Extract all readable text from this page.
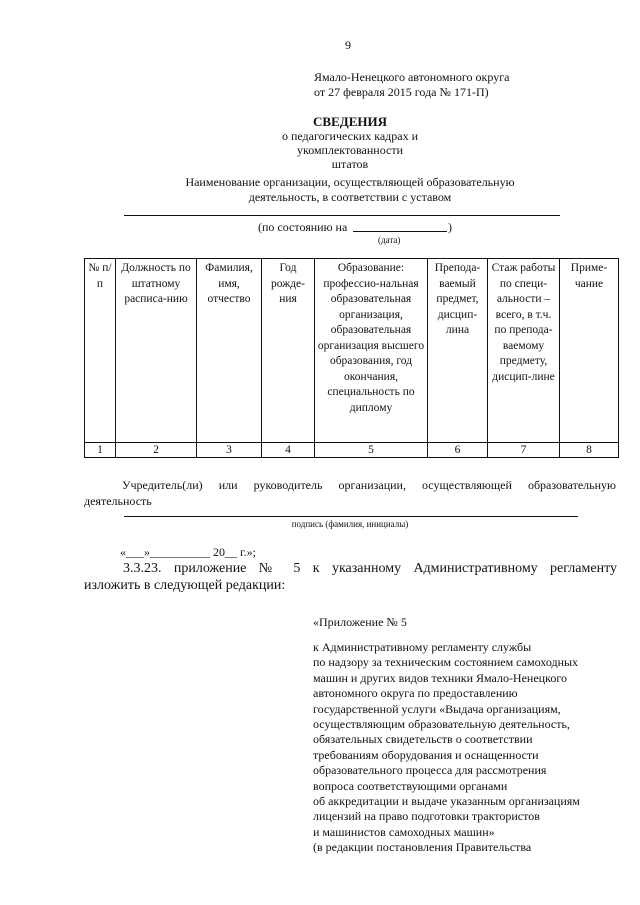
9
Ямало-Ненецкого автономного округа
от 27 февраля 2015 года № 171-П)
СВЕДЕНИЯ
о педагогических кадрах и укомплектованности
штатов
Наименование организации, осуществляющей образовательную
деятельность, в соответствии с уставом
(по состоянию на	)
(дата)
№ п/п	Должность по штатному расписа-нию	Фамилия, имя, отчество	Год рожде-ния	Образование: профессио-нальная образовательная организация, образовательная организация высшего образования, год окончания, специальность по диплому	Препода-ваемый предмет, дисцип-лина	Стаж работы по специ-альности – всего, в т.ч. по препода-ваемому предмету, дисцип-лине	Приме-чание
1	2	3	4	5	6	7	8
Учредитель(ли) или руководитель организации, осуществляющей образовательную деятельность
подпись (фамилия, инициалы)
«___»__________ 20__ г.»;
3.3.23. приложение № 5 к указанному Административному регламенту
изложить в следующей редакции:
«Приложение № 5
к Административному регламенту службы
по надзору за техническим состоянием самоходных
машин и других видов техники Ямало-Ненецкого
автономного округа по предоставлению
государственной услуги «Выдача организациям,
осуществляющим образовательную деятельность,
обязательных свидетельств о соответствии
требованиям оборудования и оснащенности
образовательного процесса для рассмотрения
вопроса соответствующими органами
об аккредитации и выдаче указанным организациям
лицензий на право подготовки трактористов
и машинистов самоходных машин»
(в редакции постановления Правительства
